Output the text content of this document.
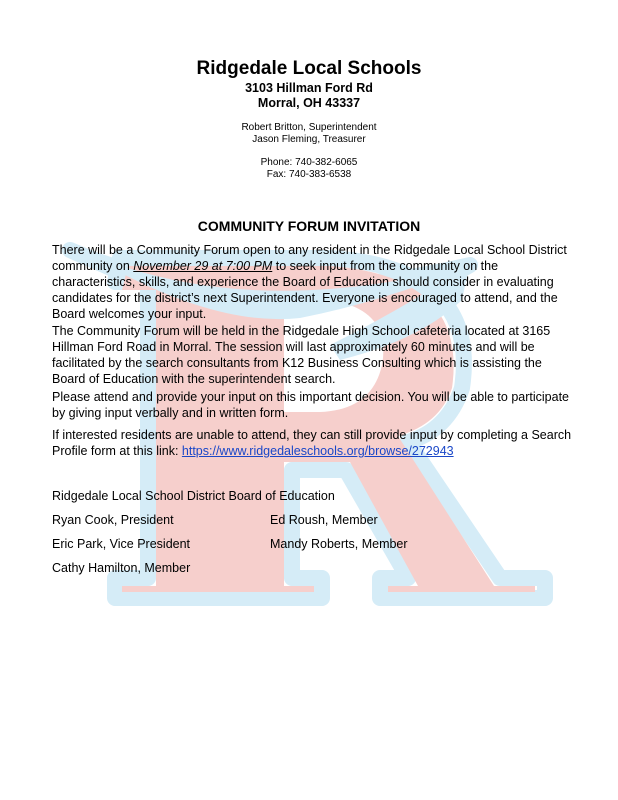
Ridgedale Local Schools

3103 Hillman Ford Rd

Morral, OH 43337

Robert Britton, Superintendent

Jason Fleming, Treasurer

Phone: 740-382-6065

Fax: 740-383-6538

COMMUNITY FORUM INVITATION

There will be a Community Forum open to any resident in the Ridgedale Local School District community on November 29 at 7:00 PM to seek input from the community on the characteristics, skills, and experience the Board of Education should consider in evaluating candidates for the district’s next Superintendent. Everyone is encouraged to attend, and the Board welcomes your input.

The Community Forum will be held in the Ridgedale High School cafeteria located at 3165 Hillman Ford Road in Morral. The session will last approximately 60 minutes and will be facilitated by the search consultants from K12 Business Consulting which is assisting the Board of Education with the superintendent search.

Please attend and provide your input on this important decision. You will be able to participate by giving input verbally and in written form.

If interested residents are unable to attend, they can still provide input by completing a Search Profile form at this link: https://www.ridgedaleschools.org/browse/272943

Ridgedale Local School District Board of Education

Ryan Cook, President	Ed Roush, Member

Eric Park, Vice President	Mandy Roberts, Member

Cathy Hamilton, Member
